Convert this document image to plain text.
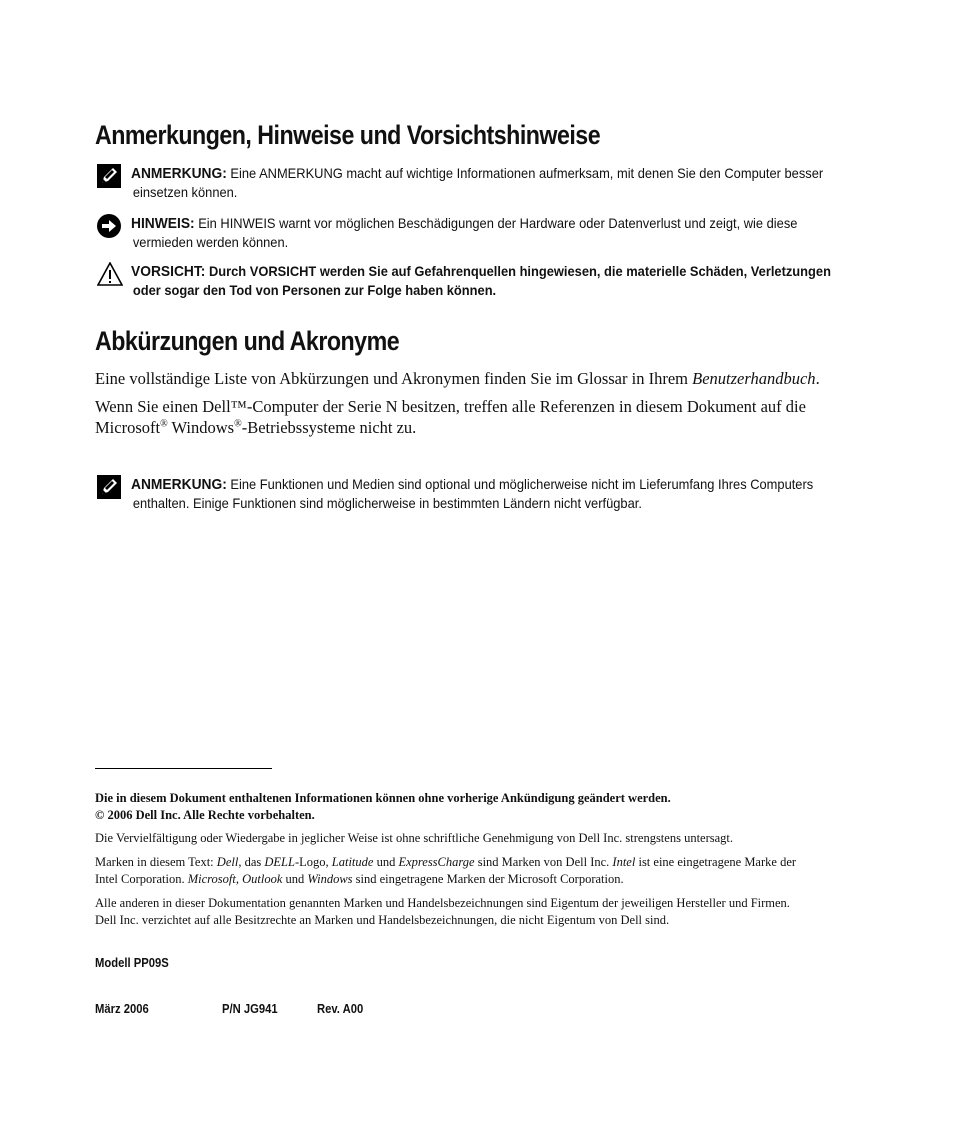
Anmerkungen, Hinweise und Vorsichtshinweise
ANMERKUNG: Eine ANMERKUNG macht auf wichtige Informationen aufmerksam, mit denen Sie den Computer besser
einsetzen können.
HINWEIS: Ein HINWEIS warnt vor möglichen Beschädigungen der Hardware oder Datenverlust und zeigt, wie diese
vermieden werden können.
VORSICHT: Durch VORSICHT werden Sie auf Gefahrenquellen hingewiesen, die materielle Schäden, Verletzungen
oder sogar den Tod von Personen zur Folge haben können.
Abkürzungen und Akronyme

Eine vollständige Liste von Abkürzungen und Akronymen finden Sie im Glossar in Ihrem Benutzerhandbuch.

Wenn Sie einen Dell™-Computer der Serie N besitzen, treffen alle Referenzen in diesem Dokument auf die
Microsoft® Windows®-Betriebssysteme nicht zu.

ANMERKUNG: Eine Funktionen und Medien sind optional und möglicherweise nicht im Lieferumfang Ihres Computers
enthalten. Einige Funktionen sind möglicherweise in bestimmten Ländern nicht verfügbar.

Die in diesem Dokument enthaltenen Informationen können ohne vorherige Ankündigung geändert werden.
© 2006 Dell Inc. Alle Rechte vorbehalten.

Die Vervielfältigung oder Wiedergabe in jeglicher Weise ist ohne schriftliche Genehmigung von Dell Inc. strengstens untersagt.

Marken in diesem Text: Dell, das DELL-Logo, Latitude und ExpressCharge sind Marken von Dell Inc. Intel ist eine eingetragene Marke der
Intel Corporation. Microsoft, Outlook und Windows sind eingetragene Marken der Microsoft Corporation.

Alle anderen in dieser Dokumentation genannten Marken und Handelsbezeichnungen sind Eigentum der jeweiligen Hersteller und Firmen.
Dell Inc. verzichtet auf alle Besitzrechte an Marken und Handelsbezeichnungen, die nicht Eigentum von Dell sind.

Modell PP09S
März 2006	P/N JG941	Rev. A00
